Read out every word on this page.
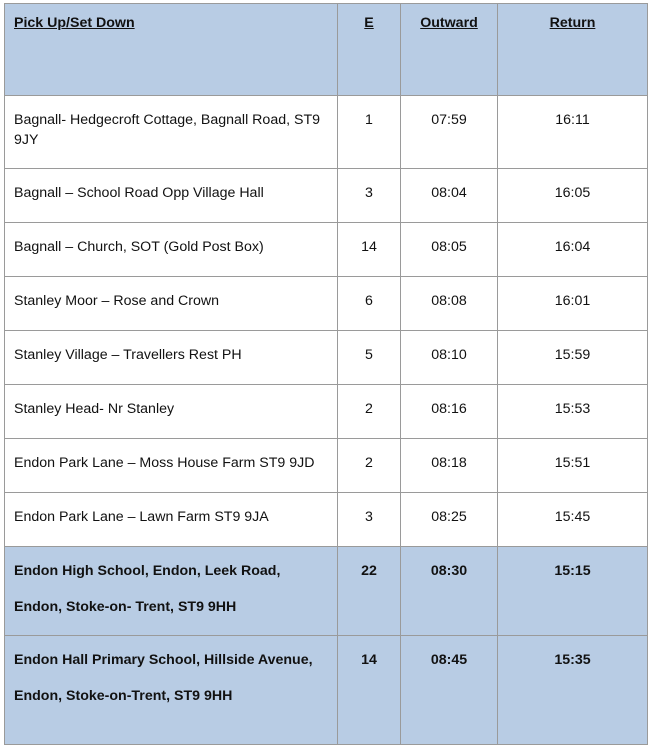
Pick Up/Set Down	E	Outward	Return
Bagnall- Hedgecroft Cottage, Bagnall Road, ST9 9JY	1	07:59	16:11
Bagnall – School Road Opp Village Hall	3	08:04	16:05
Bagnall – Church, SOT (Gold Post Box)	14	08:05	16:04
Stanley Moor – Rose and Crown	6	08:08	16:01
Stanley Village – Travellers Rest PH	5	08:10	15:59
Stanley Head- Nr Stanley	2	08:16	15:53
Endon Park Lane – Moss House Farm ST9 9JD	2	08:18	15:51
Endon Park Lane – Lawn Farm ST9 9JA	3	08:25	15:45

Endon High School, Endon, Leek Road,
Endon, Stoke-on- Trent, ST9 9HH	22	08:30	15:15

Endon Hall Primary School, Hillside Avenue,
Endon, Stoke-on-Trent, ST9 9HH	14	08:45	15:35
